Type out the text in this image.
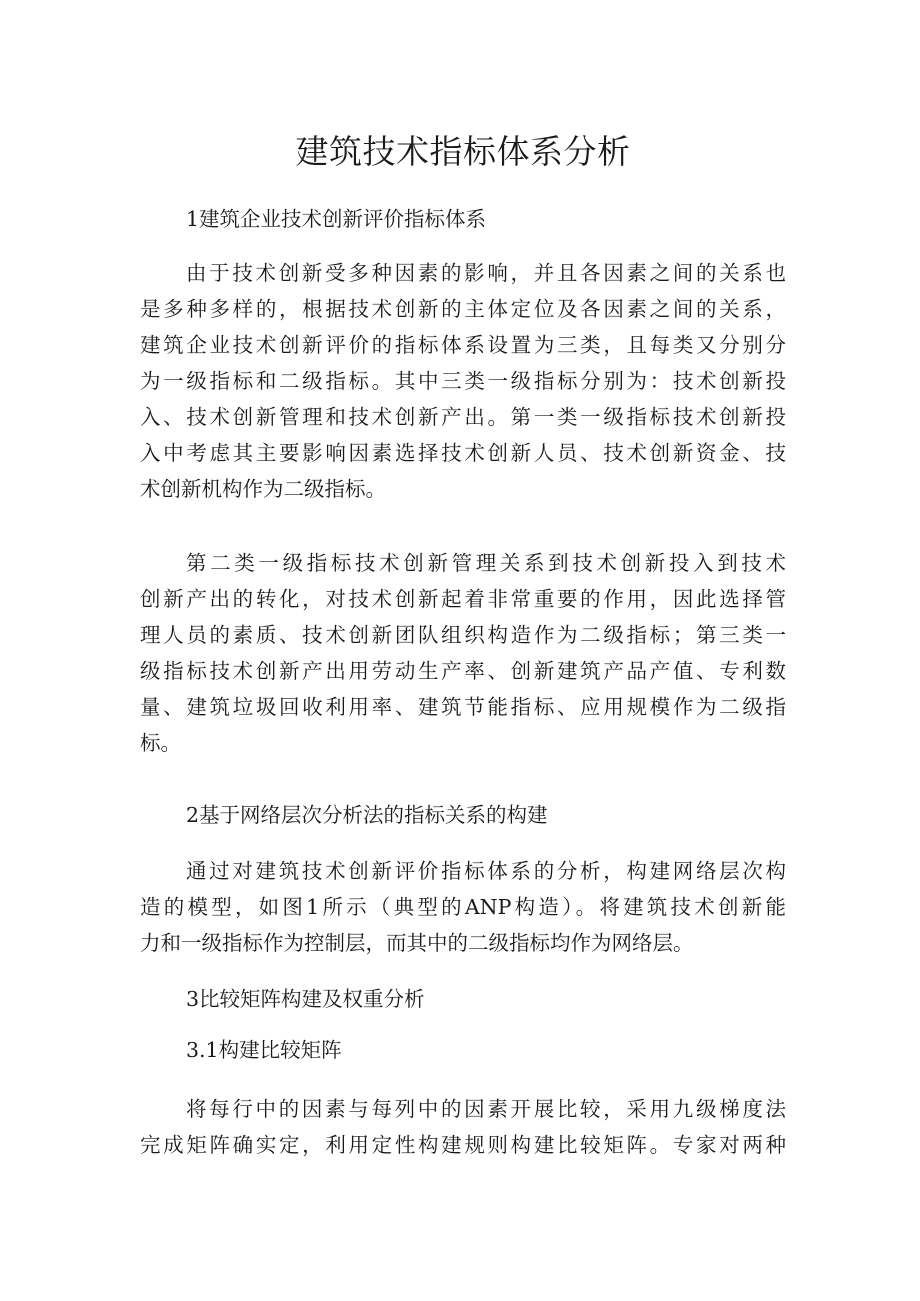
建筑技术指标体系分析
1建筑企业技术创新评价指标体系
由于技术创新受多种因素的影响，并且各因素之间的关系也
是多种多样的，根据技术创新的主体定位及各因素之间的关系，
建筑企业技术创新评价的指标体系设置为三类，且每类又分别分
为一级指标和二级指标。其中三类一级指标分别为：技术创新投
入、技术创新管理和技术创新产出。第一类一级指标技术创新投
入中考虑其主要影响因素选择技术创新人员、技术创新资金、技
术创新机构作为二级指标。
第二类一级指标技术创新管理关系到技术创新投入到技术
创新产出的转化，对技术创新起着非常重要的作用，因此选择管
理人员的素质、技术创新团队组织构造作为二级指标；第三类一
级指标技术创新产出用劳动生产率、创新建筑产品产值、专利数
量、建筑垃圾回收利用率、建筑节能指标、应用规模作为二级指
标。
2基于网络层次分析法的指标关系的构建
通过对建筑技术创新评价指标体系的分析，构建网络层次构
造的模型，如图1所示（典型的ANP构造）。将建筑技术创新能
力和一级指标作为控制层，而其中的二级指标均作为网络层。
3比较矩阵构建及权重分析
3.1构建比较矩阵
将每行中的因素与每列中的因素开展比较，采用九级梯度法
完成矩阵确实定，利用定性构建规则构建比较矩阵。专家对两种
